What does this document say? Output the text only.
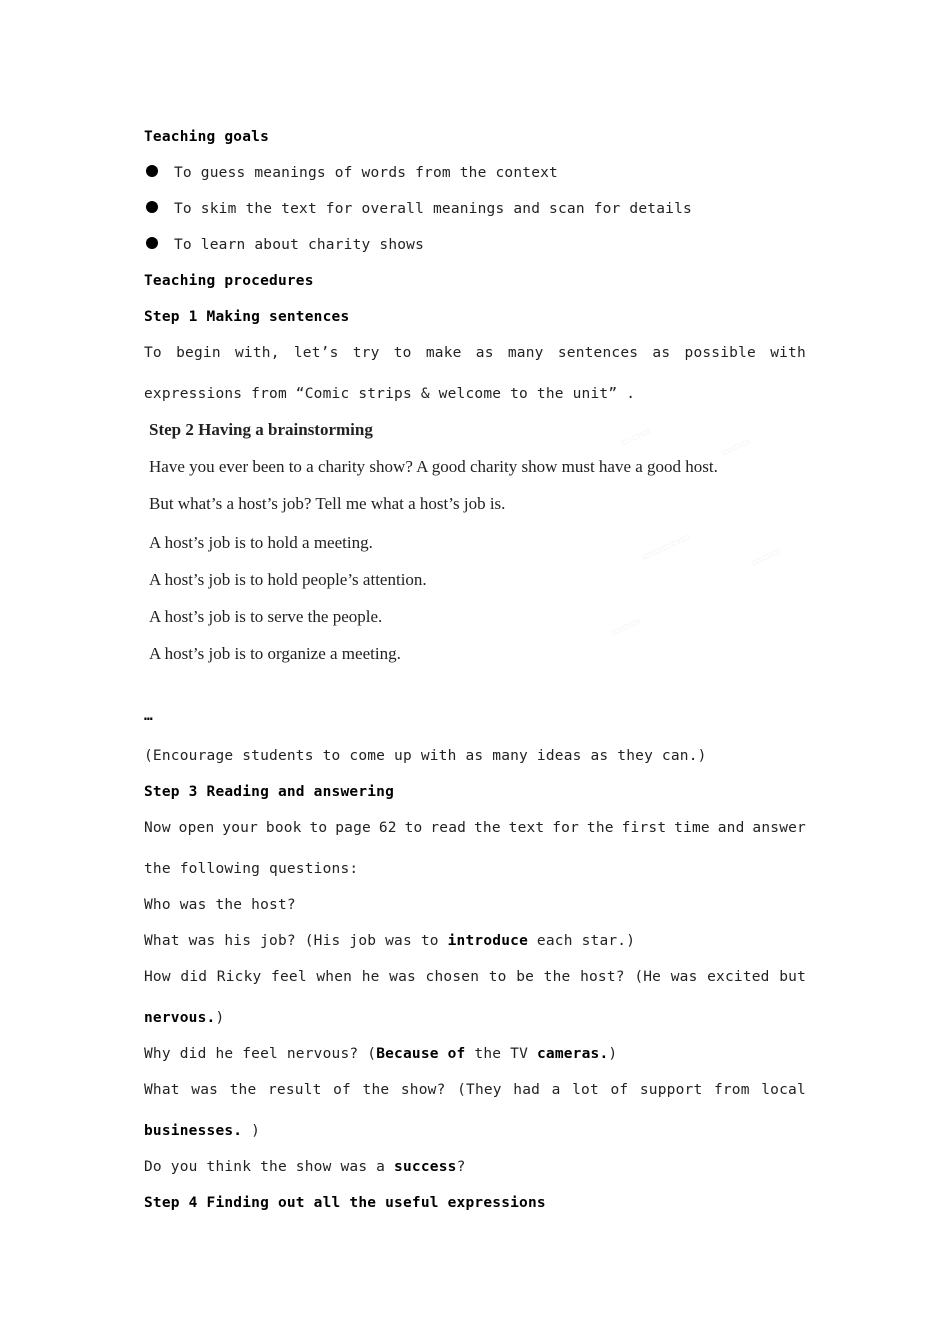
▭▭▭	▭▭▭
▭▭▭▭▭	▭▭▭
▭▭▭
Teaching goals
To guess meanings of words from the context
To skim the text for overall meanings and scan for details
To learn about charity shows
Teaching procedures
Step 1 Making sentences
To begin with, let’s try to make as many sentences as possible with
expressions from “Comic strips & welcome to the unit” .
Step 2 Having a brainstorming
Have you ever been to a charity show? A good charity show must have a good host.
But what’s a host’s job? Tell me what a host’s job is.
A host’s job is to hold a meeting.
A host’s job is to hold people’s attention.
A host’s job is to serve the people.
A host’s job is to organize a meeting.
…
(Encourage students to come up with as many ideas as they can.)
Step 3 Reading and answering
Now open your book to page 62 to read the text for the first time and answer
the following questions:
Who was the host?
What was his job? (His job was to introduce each star.)
How did Ricky feel when he was chosen to be the host? (He was excited but
nervous.)
Why did he feel nervous? (Because of the TV cameras.)
What was the result of the show? (They had a lot of support from local
businesses. )
Do you think the show was a success?
Step 4 Finding out all the useful expressions
